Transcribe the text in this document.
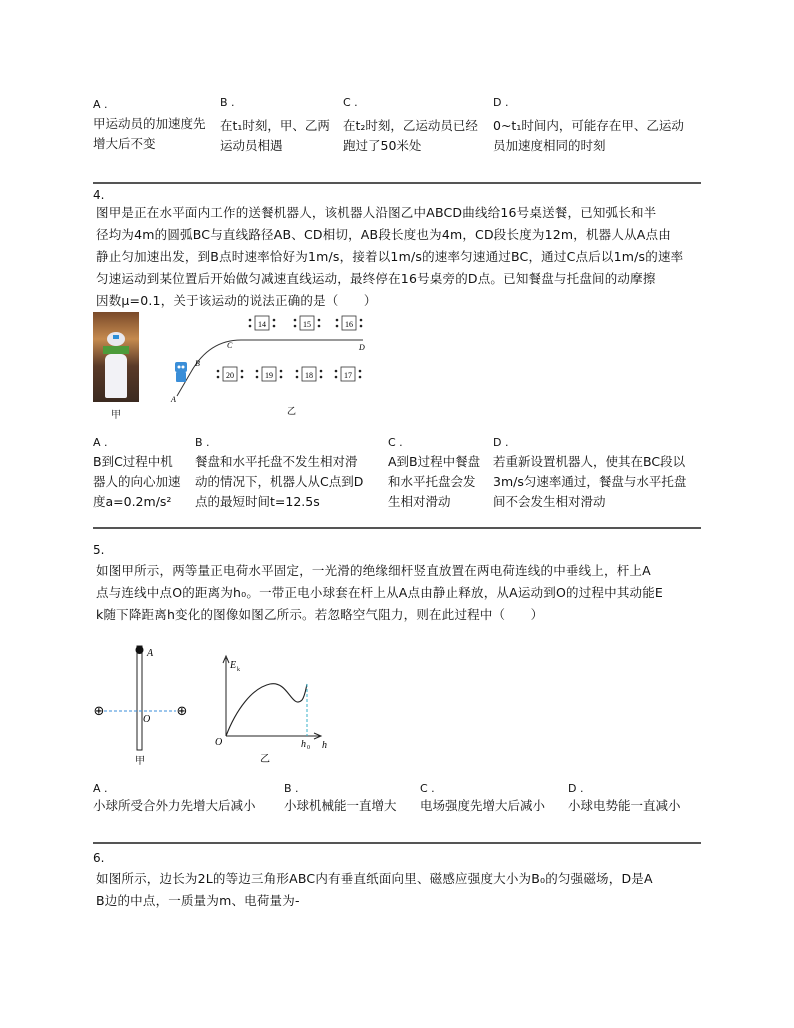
A .
甲运动员的加速度先
增大后不变
B .
在t₁时刻，甲、乙两
运动员相遇
C .
在t₂时刻，乙运动员已经
跑过了50米处
D .
0~t₁时间内，可能存在甲、乙运动
员加速度相同的时刻
4.
图甲是正在水平面内工作的送餐机器人，该机器人沿图乙中ABCD曲线给16号桌送餐，已知弧长和半
径均为4m的圆弧BC与直线路径AB、CD相切，AB段长度也为4m，CD段长度为12m，机器人从A点由
静止匀加速出发，到B点时速率恰好为1m/s，接着以1m/s的速率匀速通过BC，通过C点后以1m/s的速率
匀速运动到某位置后开始做匀减速直线运动，最终停在16号桌旁的D点。已知餐盘与托盘间的动摩擦
因数μ=0.1，关于该运动的说法正确的是（　　）
甲
14	15	16
20	19	18	17
A
B
C	D
乙
A .
B到C过程中机
器人的向心加速
度a=0.2m/s²
B .
餐盘和水平托盘不发生相对滑
动的情况下，机器人从C点到D
点的最短时间t=12.5s
C .
A到B过程中餐盘
和水平托盘会发
生相对滑动
D .
若重新设置机器人，使其在BC段以
3m/s匀速率通过，餐盘与水平托盘
间不会发生相对滑动
5.
如图甲所示，两等量正电荷水平固定，一光滑的绝缘细杆竖直放置在两电荷连线的中垂线上，杆上A
点与连线中点O的距离为h₀。一带正电小球套在杆上从A点由静止释放，从A运动到O的过程中其动能E
k随下降距离h变化的图像如图乙所示。若忽略空气阻力，则在此过程中（　　）
⊕	⊕
A
O
甲
E k
O	h 0 h
乙
A .
小球所受合外力先增大后减小
B .
小球机械能一直增大
C .
电场强度先增大后减小
D .
小球电势能一直减小
6.
如图所示，边长为2L的等边三角形ABC内有垂直纸面向里、磁感应强度大小为B₀的匀强磁场，D是A
B边的中点，一质量为m、电荷量为-
